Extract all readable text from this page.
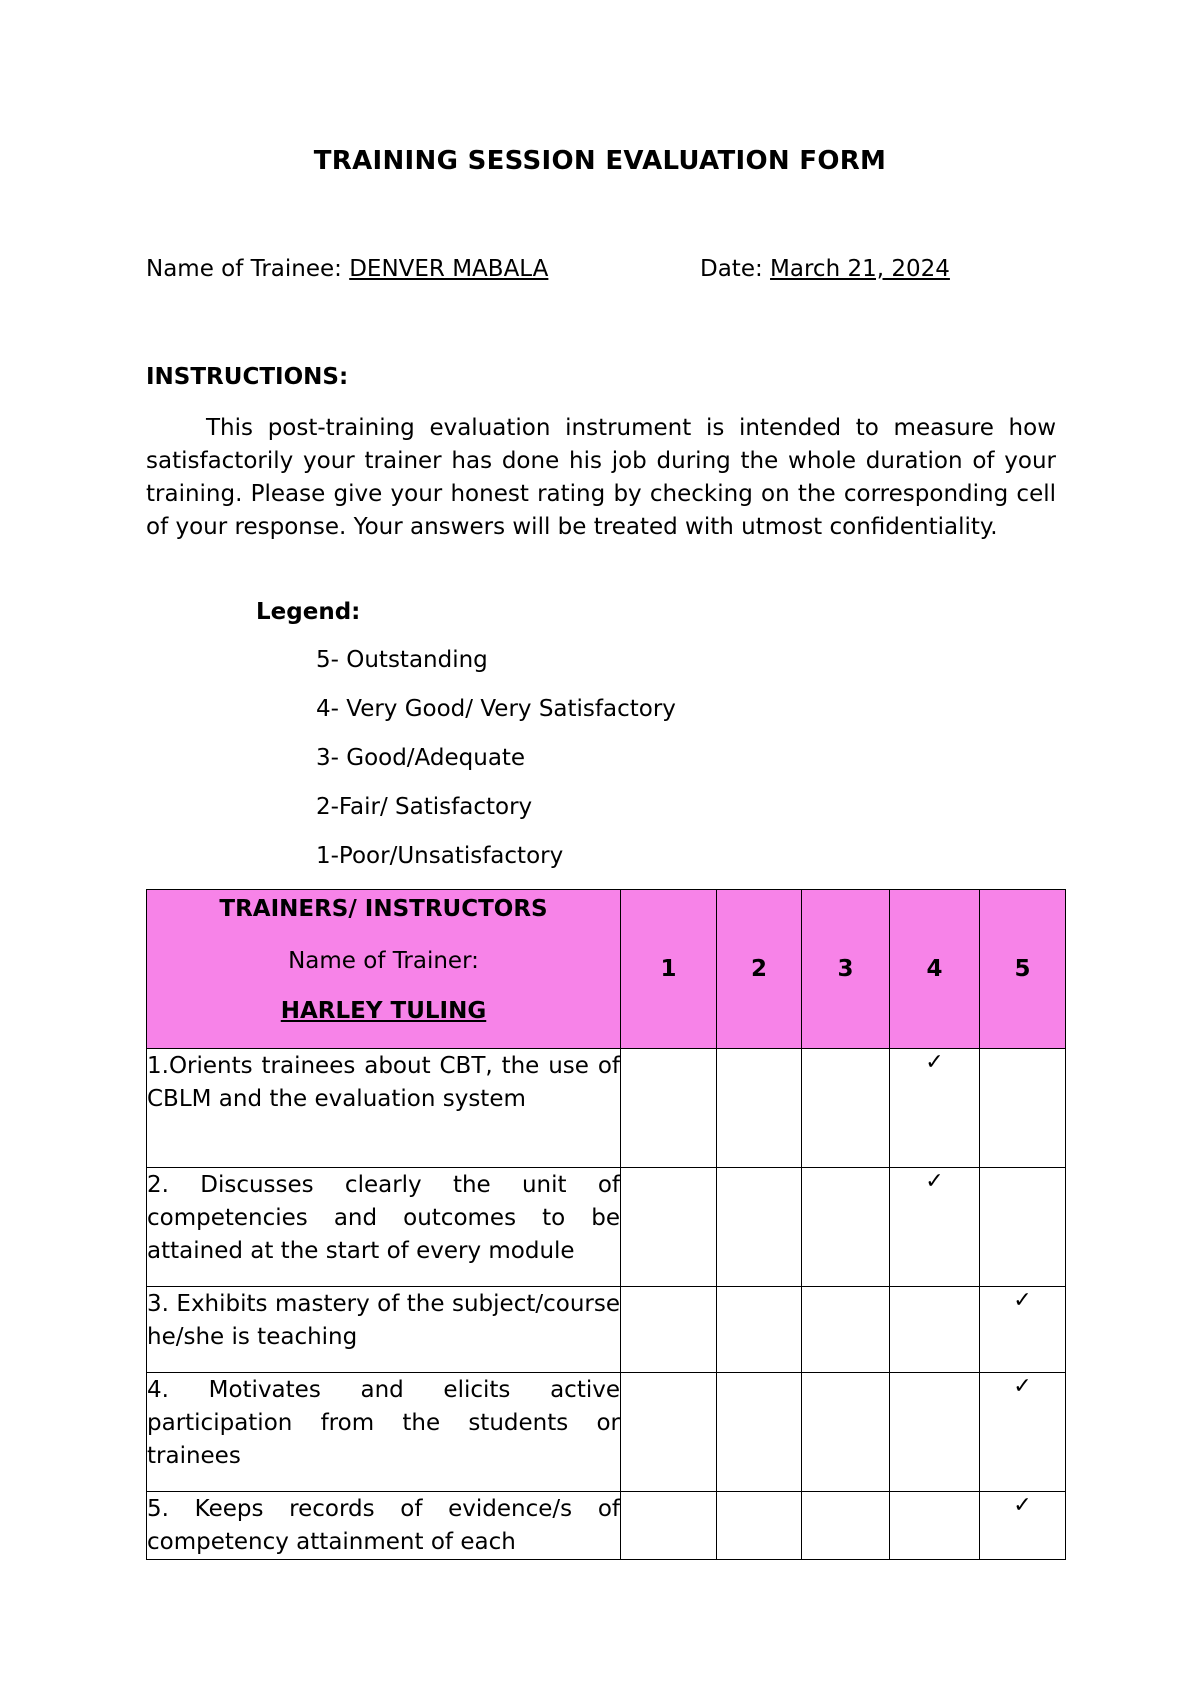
TRAINING SESSION EVALUATION FORM
Name of Trainee: DENVER MABALA	Date: March 21, 2024
INSTRUCTIONS:

This post-training evaluation instrument is intended to measure how satisfactorily your trainer has done his job during the whole duration of your training. Please give your honest rating by checking on the corresponding cell of your response. Your answers will be treated with utmost confidentiality.

Legend:
5- Outstanding
4- Very Good/ Very Satisfactory
3- Good/Adequate
2-Fair/ Satisfactory
1-Poor/Unsatisfactory
TRAINERS/ INSTRUCTORS
Name of Trainer:
HARLEY TULING	1	2	3	4	5

1.Orients trainees about CBT, the use of CBLM and the evaluation system				✓	

2. Discusses clearly the unit of competencies and outcomes to be attained at the start of every module				✓	

3. Exhibits mastery of the subject/course he/she is teaching					✓

4. Motivates and elicits active participation from the students or trainees					✓

5. Keeps records of evidence/s of competency attainment of each					✓
